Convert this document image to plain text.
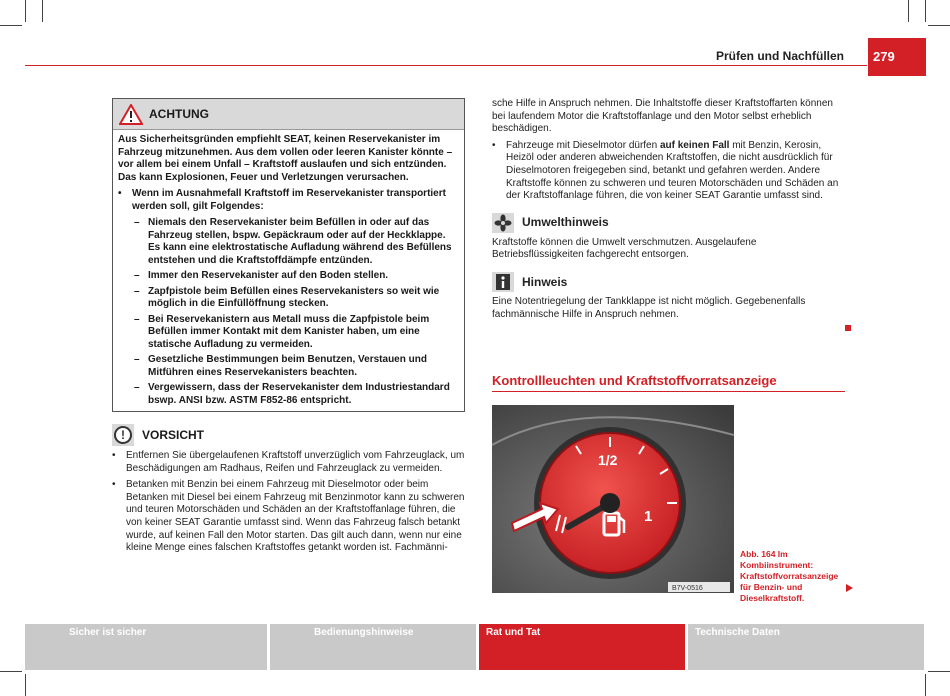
Prüfen und Nachfüllen	279
ACHTUNG

Aus Sicherheitsgründen empfiehlt SEAT, keinen Reservekanister im Fahrzeug mitzunehmen. Aus dem vollen oder leeren Kanister könnte – vor allem bei einem Unfall – Kraftstoff auslaufen und sich entzünden. Das kann Explosionen, Feuer und Verletzungen verursachen.

•	Wenn im Ausnahmefall Kraftstoff im Reservekanister transportiert werden soll, gilt Folgendes:
– Niemals den Reservekanister beim Befüllen in oder auf das Fahrzeug stellen, bspw. Gepäckraum oder auf der Heckklappe. Es kann eine elektrostatische Aufladung während des Befüllens entstehen und die Kraftstoffdämpfe entzünden.
– Immer den Reservekanister auf den Boden stellen.
– Zapfpistole beim Befüllen eines Reservekanisters so weit wie möglich in die Einfüllöffnung stecken.
– Bei Reservekanistern aus Metall muss die Zapfpistole beim Befüllen immer Kontakt mit dem Kanister haben, um eine statische Aufladung zu vermeiden.
– Gesetzliche Bestimmungen beim Benutzen, Verstauen und Mitführen eines Reservekanisters beachten.
– Vergewissern, dass der Reservekanister dem Industriestandard bswp. ANSI bzw. ASTM F852-86 entspricht.
!	VORSICHT
•	Entfernen Sie übergelaufenen Kraftstoff unverzüglich vom Fahrzeuglack, um Beschädigungen am Radhaus, Reifen und Fahrzeuglack zu vermeiden.
•	Betanken mit Benzin bei einem Fahrzeug mit Dieselmotor oder beim Betanken mit Diesel bei einem Fahrzeug mit Benzinmotor kann zu schweren und teuren Motorschäden und Schäden an der Kraftstoffanlage führen, die von keiner SEAT Garantie umfasst sind. Wenn das Fahrzeug falsch betankt wurde, auf keinen Fall den Motor starten. Das gilt auch dann, wenn nur eine kleine Menge eines falschen Kraftstoffes getankt worden ist. Fachmänni-

sche Hilfe in Anspruch nehmen. Die Inhaltstoffe dieser Kraftstoffarten können bei laufendem Motor die Kraftstoffanlage und den Motor selbst erheblich beschädigen.

•	Fahrzeuge mit Dieselmotor dürfen auf keinen Fall mit Benzin, Kerosin, Heizöl oder anderen abweichenden Kraftstoffen, die nicht ausdrücklich für Dieselmotoren freigegeben sind, betankt und gefahren werden. Andere Kraftstoffe können zu schweren und teuren Motorschäden und Schäden an der Kraftstoffanlage führen, die von keiner SEAT Garantie umfasst sind.
Umwelthinweis

Kraftstoffe können die Umwelt verschmutzen. Ausgelaufene Betriebsflüssigkeiten fachgerecht entsorgen.

Hinweis

Eine Notentriegelung der Tankklappe ist nicht möglich. Gegebenenfalls fachmännische Hilfe in Anspruch nehmen.

Kontrollleuchten und Kraftstoffvorratsanzeige
1/2
1
B7V-0516
Abb. 164 Im Kombiinstrument: Kraftstoffvorratsanzeige für Benzin- und Dieselkraftstoff.
Sicher ist sicher	Bedienungshinweise	Rat und Tat	Technische Daten
